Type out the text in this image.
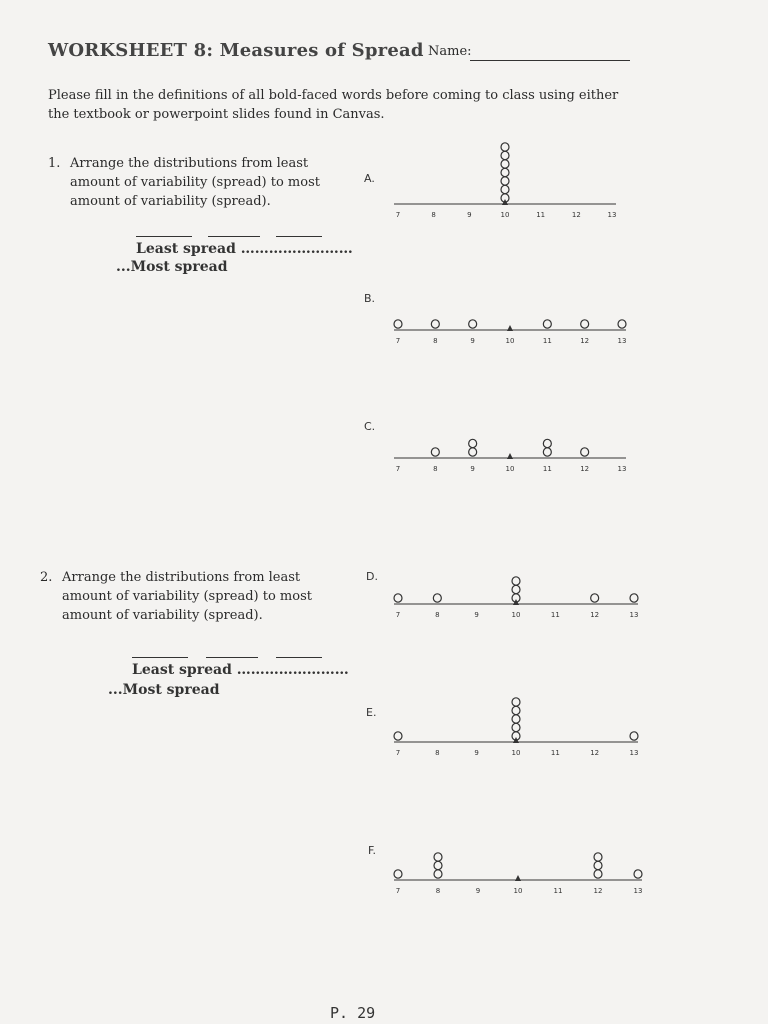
WORKSHEET 8: Measures of Spread Name:
Please fill in the definitions of all bold-faced words before coming to class using either the textbook or powerpoint slides found in Canvas.
1. Arrange the distributions from least amount of variability (spread) to most amount of variability (spread).
Least spread ……………………
...Most spread
2. Arrange the distributions from least amount of variability (spread) to most amount of variability (spread).
Least spread ……………………
...Most spread
A.
7	8	9	10	11	12	13
B.
7	8	9	10	11	12	13
C.
7	8	9	10	11	12	13
D.
7	8	9	10	11	12	13
E.
7	8	9	10	11	12	13
F.
7	8	9	10	11	12	13
P. 29
